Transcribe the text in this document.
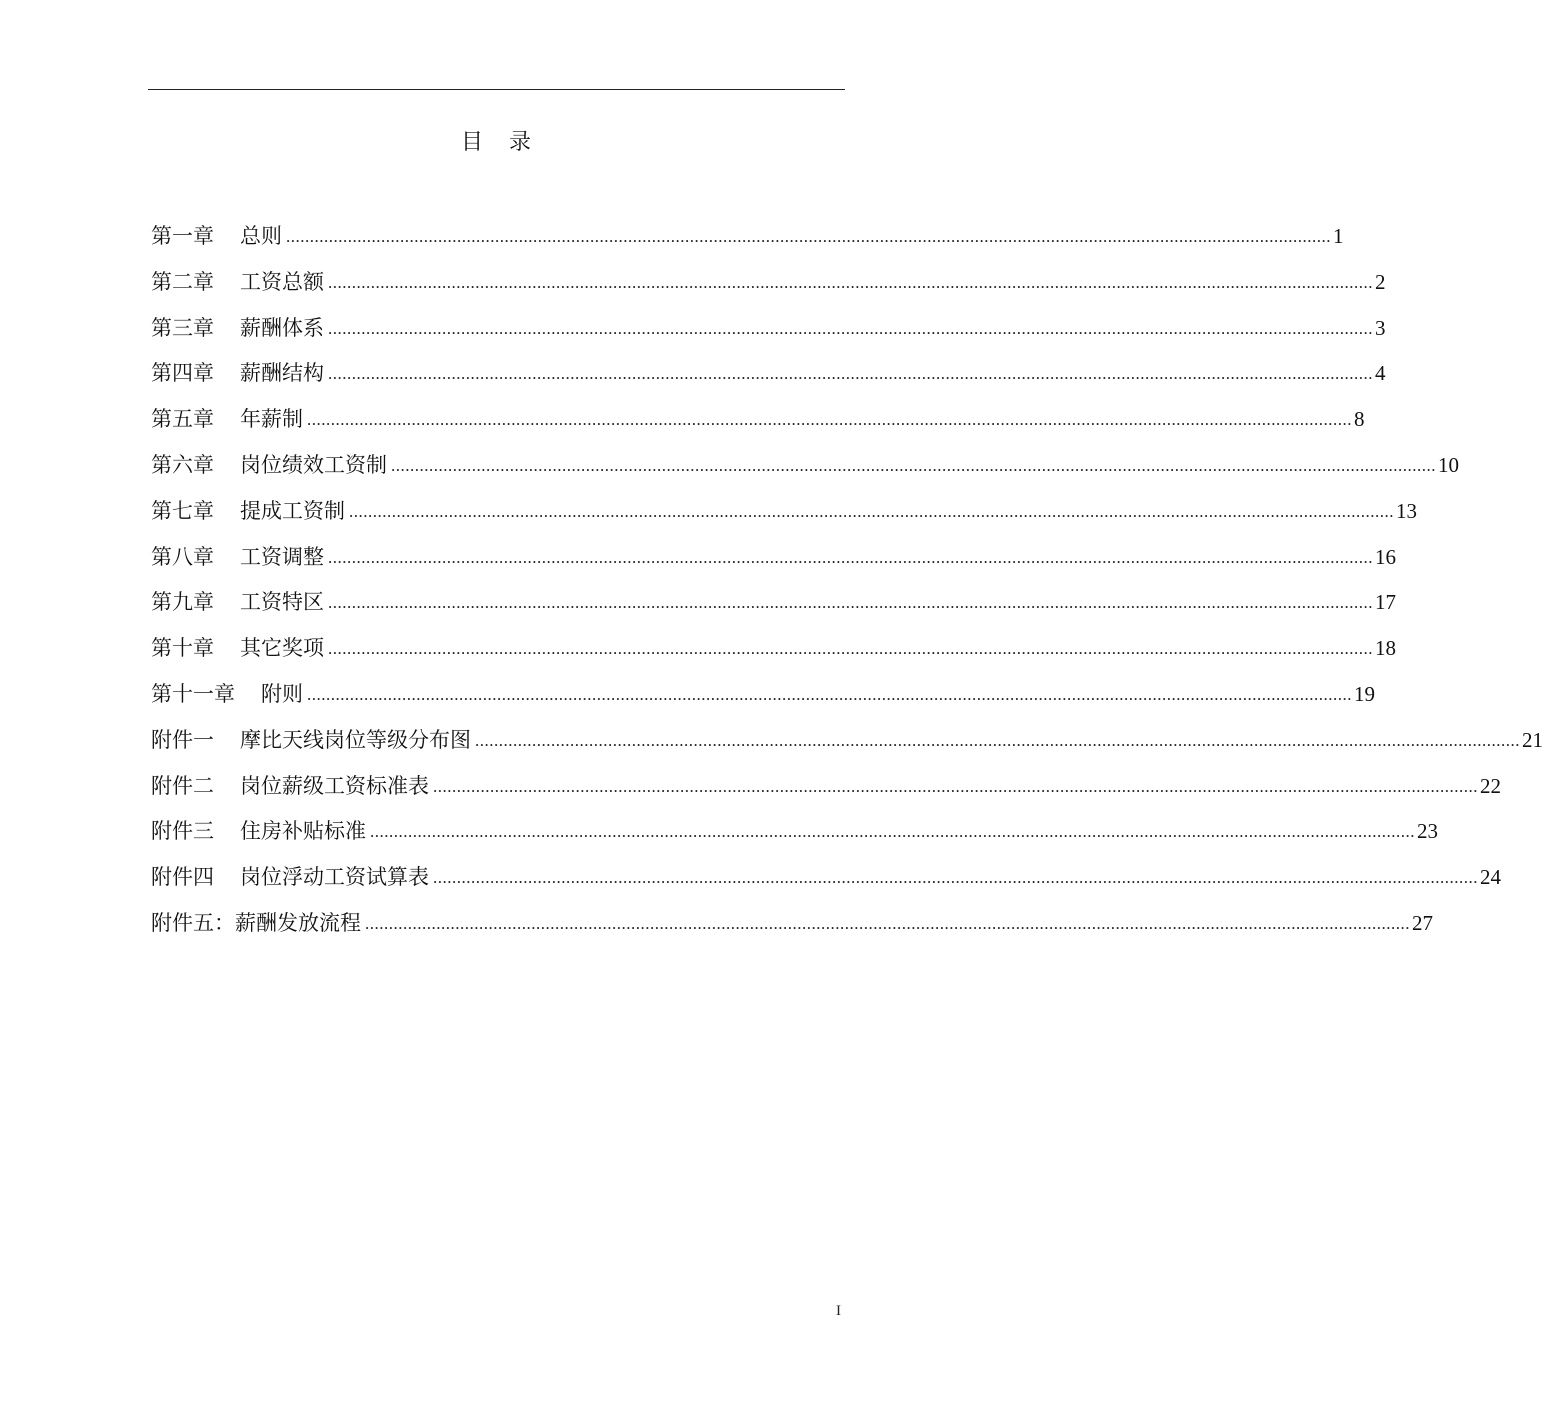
目 录
第一章 总则 ............................................................................................................................................................................................................................ 1
第二章 工资总额 ............................................................................................................................................................................................................................ 2
第三章 薪酬体系 ............................................................................................................................................................................................................................ 3
第四章 薪酬结构 ............................................................................................................................................................................................................................ 4
第五章 年薪制 ............................................................................................................................................................................................................................ 8
第六章 岗位绩效工资制 ............................................................................................................................................................................................................................ 10
第七章 提成工资制 ............................................................................................................................................................................................................................ 13
第八章 工资调整 ............................................................................................................................................................................................................................ 16
第九章 工资特区 ............................................................................................................................................................................................................................ 17
第十章 其它奖项 ............................................................................................................................................................................................................................ 18
第十一章 附则 ............................................................................................................................................................................................................................ 19
附件一 摩比天线岗位等级分布图 ............................................................................................................................................................................................................................ 21
附件二 岗位薪级工资标准表 ............................................................................................................................................................................................................................ 22
附件三 住房补贴标准 ............................................................................................................................................................................................................................ 23
附件四 岗位浮动工资试算表 ............................................................................................................................................................................................................................ 24
附件五： 薪酬发放流程 ............................................................................................................................................................................................................................ 27
I
